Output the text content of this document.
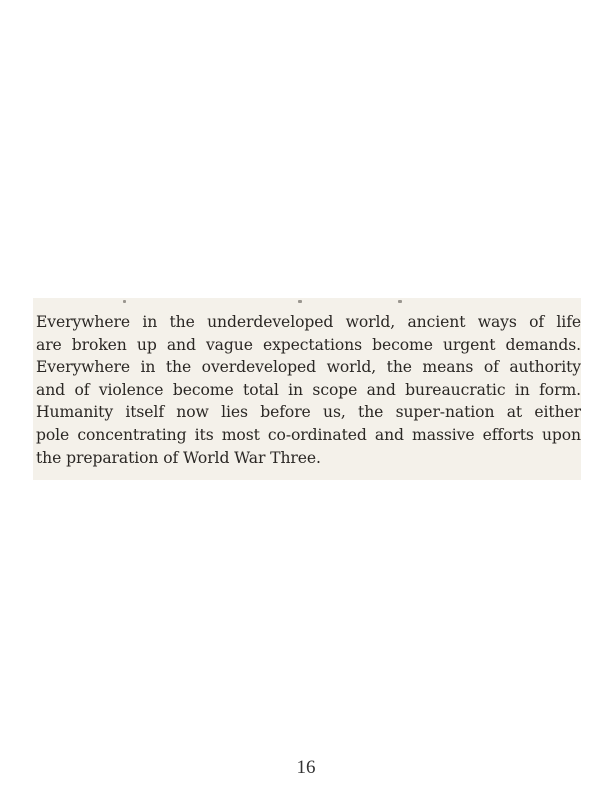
Everywhere in the underdeveloped world, ancient ways of life
are broken up and vague expectations become urgent demands.
Everywhere in the overdeveloped world, the means of authority
and of violence become total in scope and bureaucratic in form.
Humanity itself now lies before us, the super-nation at either
pole concentrating its most co-ordinated and massive efforts upon
the preparation of World War Three.
16
